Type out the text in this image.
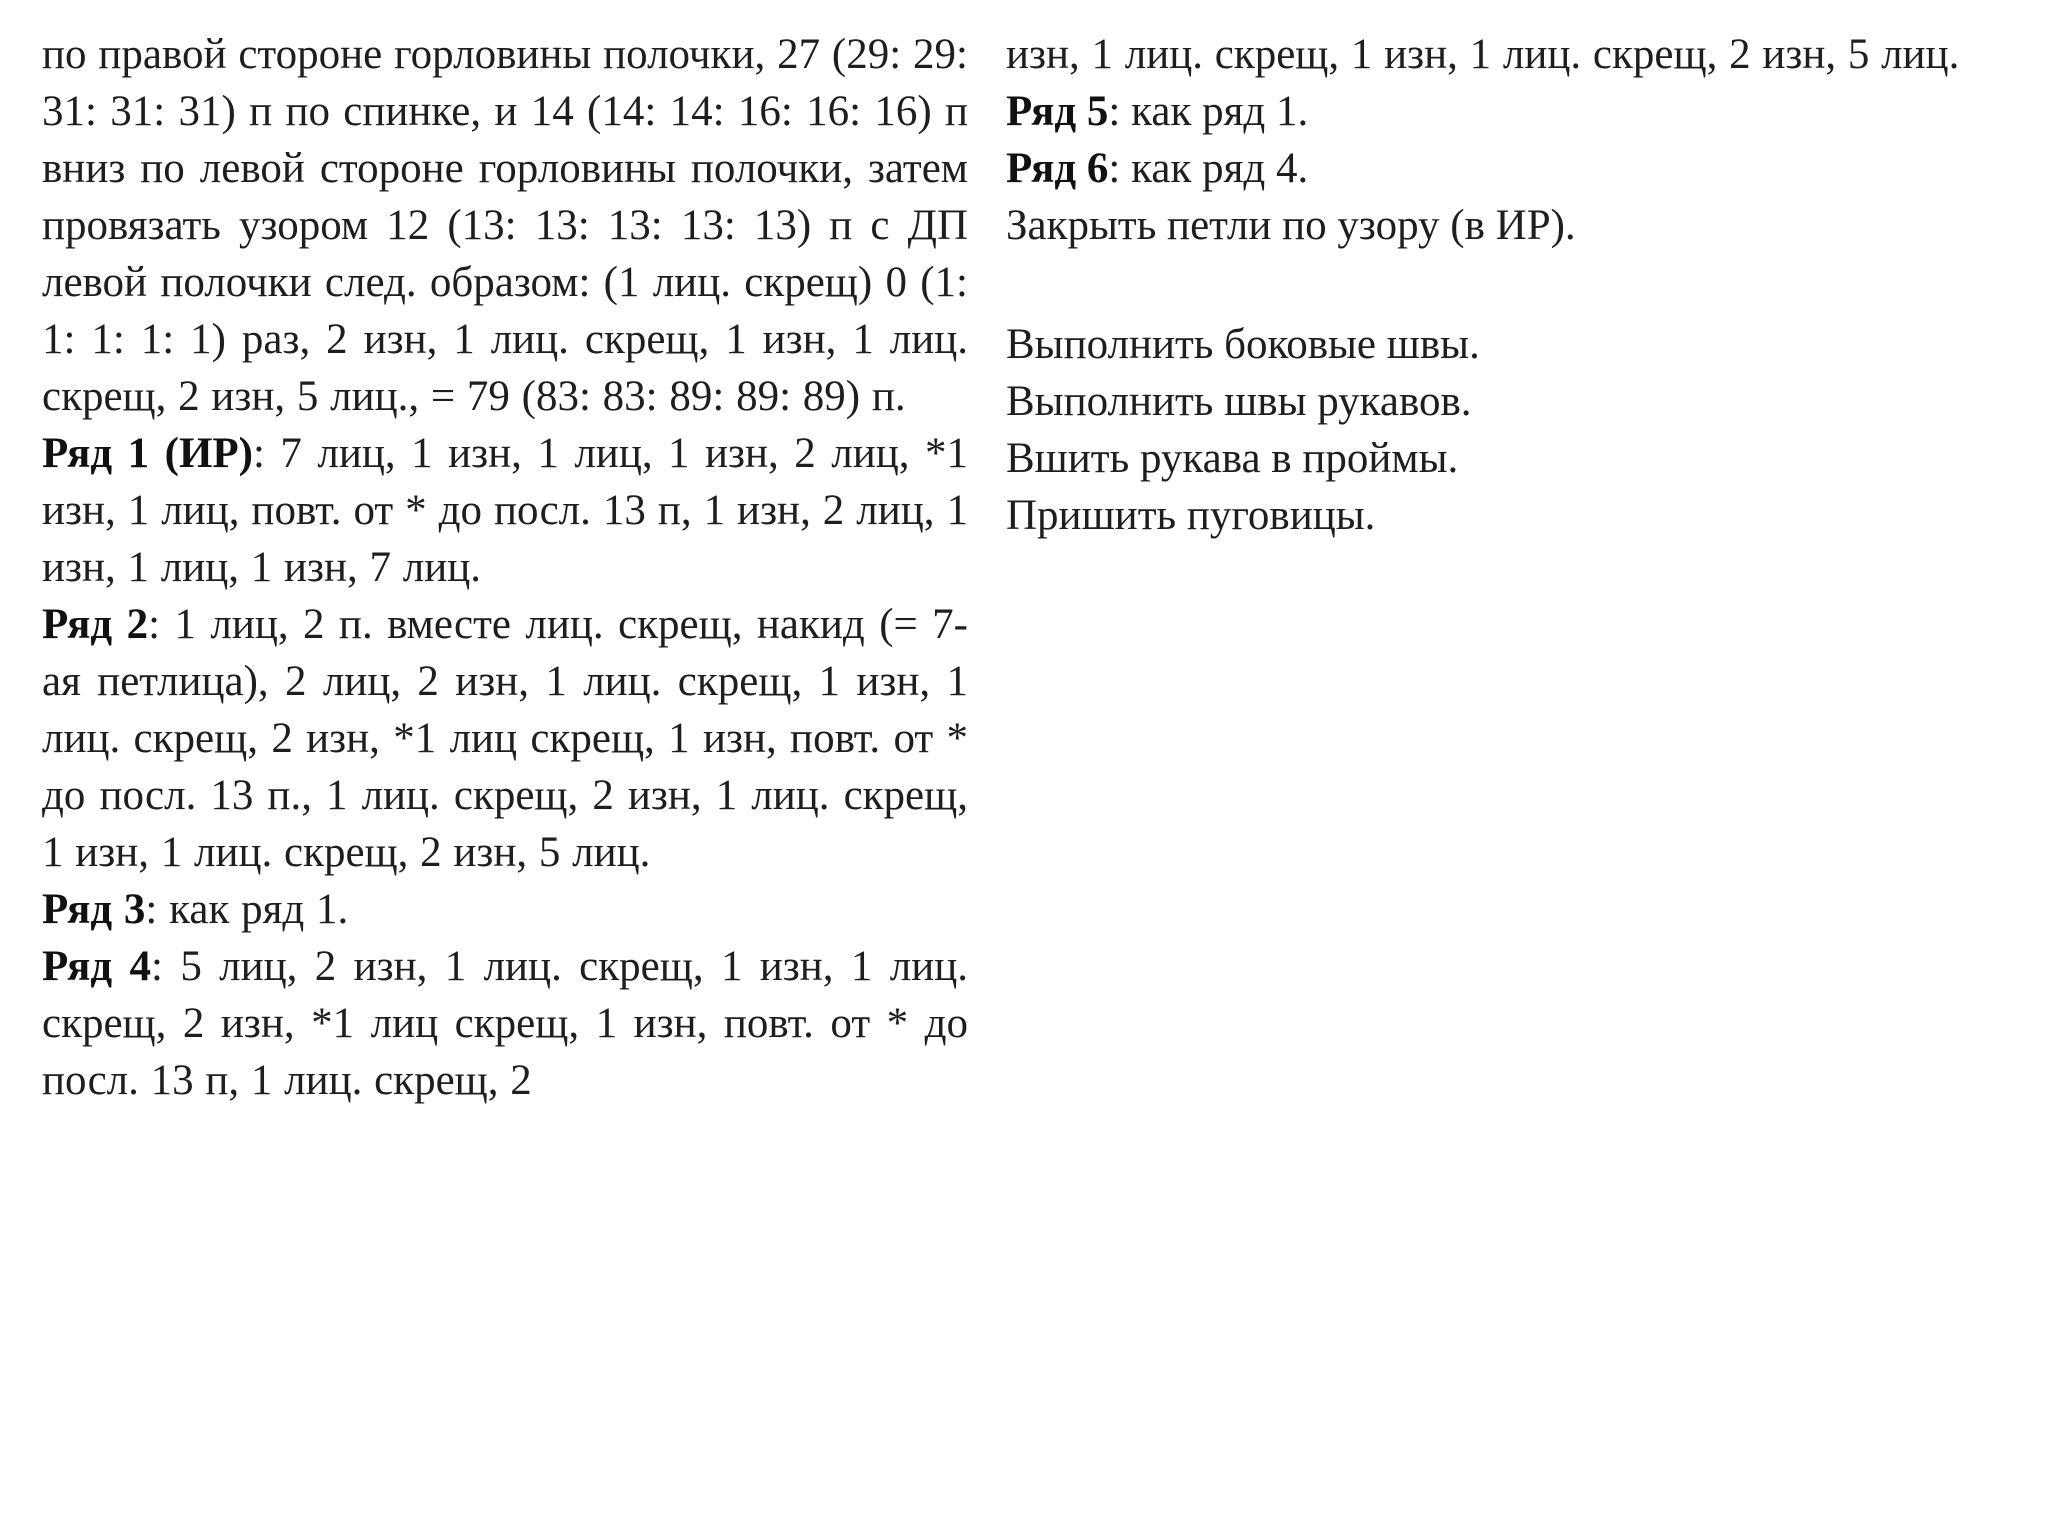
по правой стороне горловины полочки, 27 (29: 29: 31: 31: 31) п по спинке, и 14 (14: 14: 16: 16: 16) п вниз по левой стороне горловины полочки, затем провязать узором 12 (13: 13: 13: 13: 13) п с ДП левой полочки след. образом: (1 лиц. скрещ) 0 (1: 1: 1: 1: 1) раз, 2 изн, 1 лиц. скрещ, 1 изн, 1 лиц. скрещ, 2 изн, 5 лиц., = 79 (83: 83: 89: 89: 89) п.

Ряд 1 (ИР): 7 лиц, 1 изн, 1 лиц, 1 изн, 2 лиц, *1 изн, 1 лиц, повт. от * до посл. 13 п, 1 изн, 2 лиц, 1 изн, 1 лиц, 1 изн, 7 лиц.

Ряд 2: 1 лиц, 2 п. вместе лиц. скрещ, накид (= 7-ая петлица), 2 лиц, 2 изн, 1 лиц. скрещ, 1 изн, 1 лиц. скрещ, 2 изн, *1 лиц скрещ, 1 изн, повт. от * до посл. 13 п., 1 лиц. скрещ, 2 изн, 1 лиц. скрещ, 1 изн, 1 лиц. скрещ, 2 изн, 5 лиц.

Ряд 3: как ряд 1.

Ряд 4: 5 лиц, 2 изн, 1 лиц. скрещ, 1 изн, 1 лиц. скрещ, 2 изн, *1 лиц скрещ, 1 изн, повт. от * до посл. 13 п, 1 лиц. скрещ, 2

изн, 1 лиц. скрещ, 1 изн, 1 лиц. скрещ, 2 изн, 5 лиц.

Ряд 5: как ряд 1.

Ряд 6: как ряд 4.

Закрыть петли по узору (в ИР).

Выполнить боковые швы.

Выполнить швы рукавов.

Вшить рукава в проймы.

Пришить пуговицы.
